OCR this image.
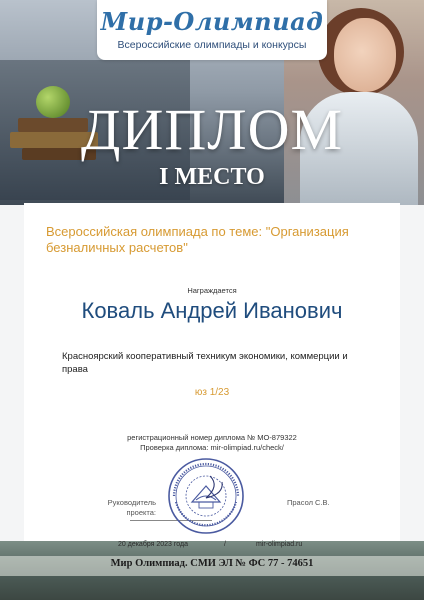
Мир-Олимпиад
Всероссийские олимпиады и конкурсы
ДИПЛОМ
I МЕСТО
Всероссийская олимпиада по теме: "Организация безналичных расчетов"
Награждается
Коваль Андрей Иванович
Красноярский кооперативный техникум экономики, коммерции и права
юз 1/23
регистрационный номер диплома № МО-879322
Проверка диплома: mir-olimpiad.ru/check/
Руководитель проекта:
Прасол С.В.
20 декабря 2023 года	/	mir-olimpiad.ru
Мир Олимпиад. СМИ ЭЛ № ФС 77 - 74651
